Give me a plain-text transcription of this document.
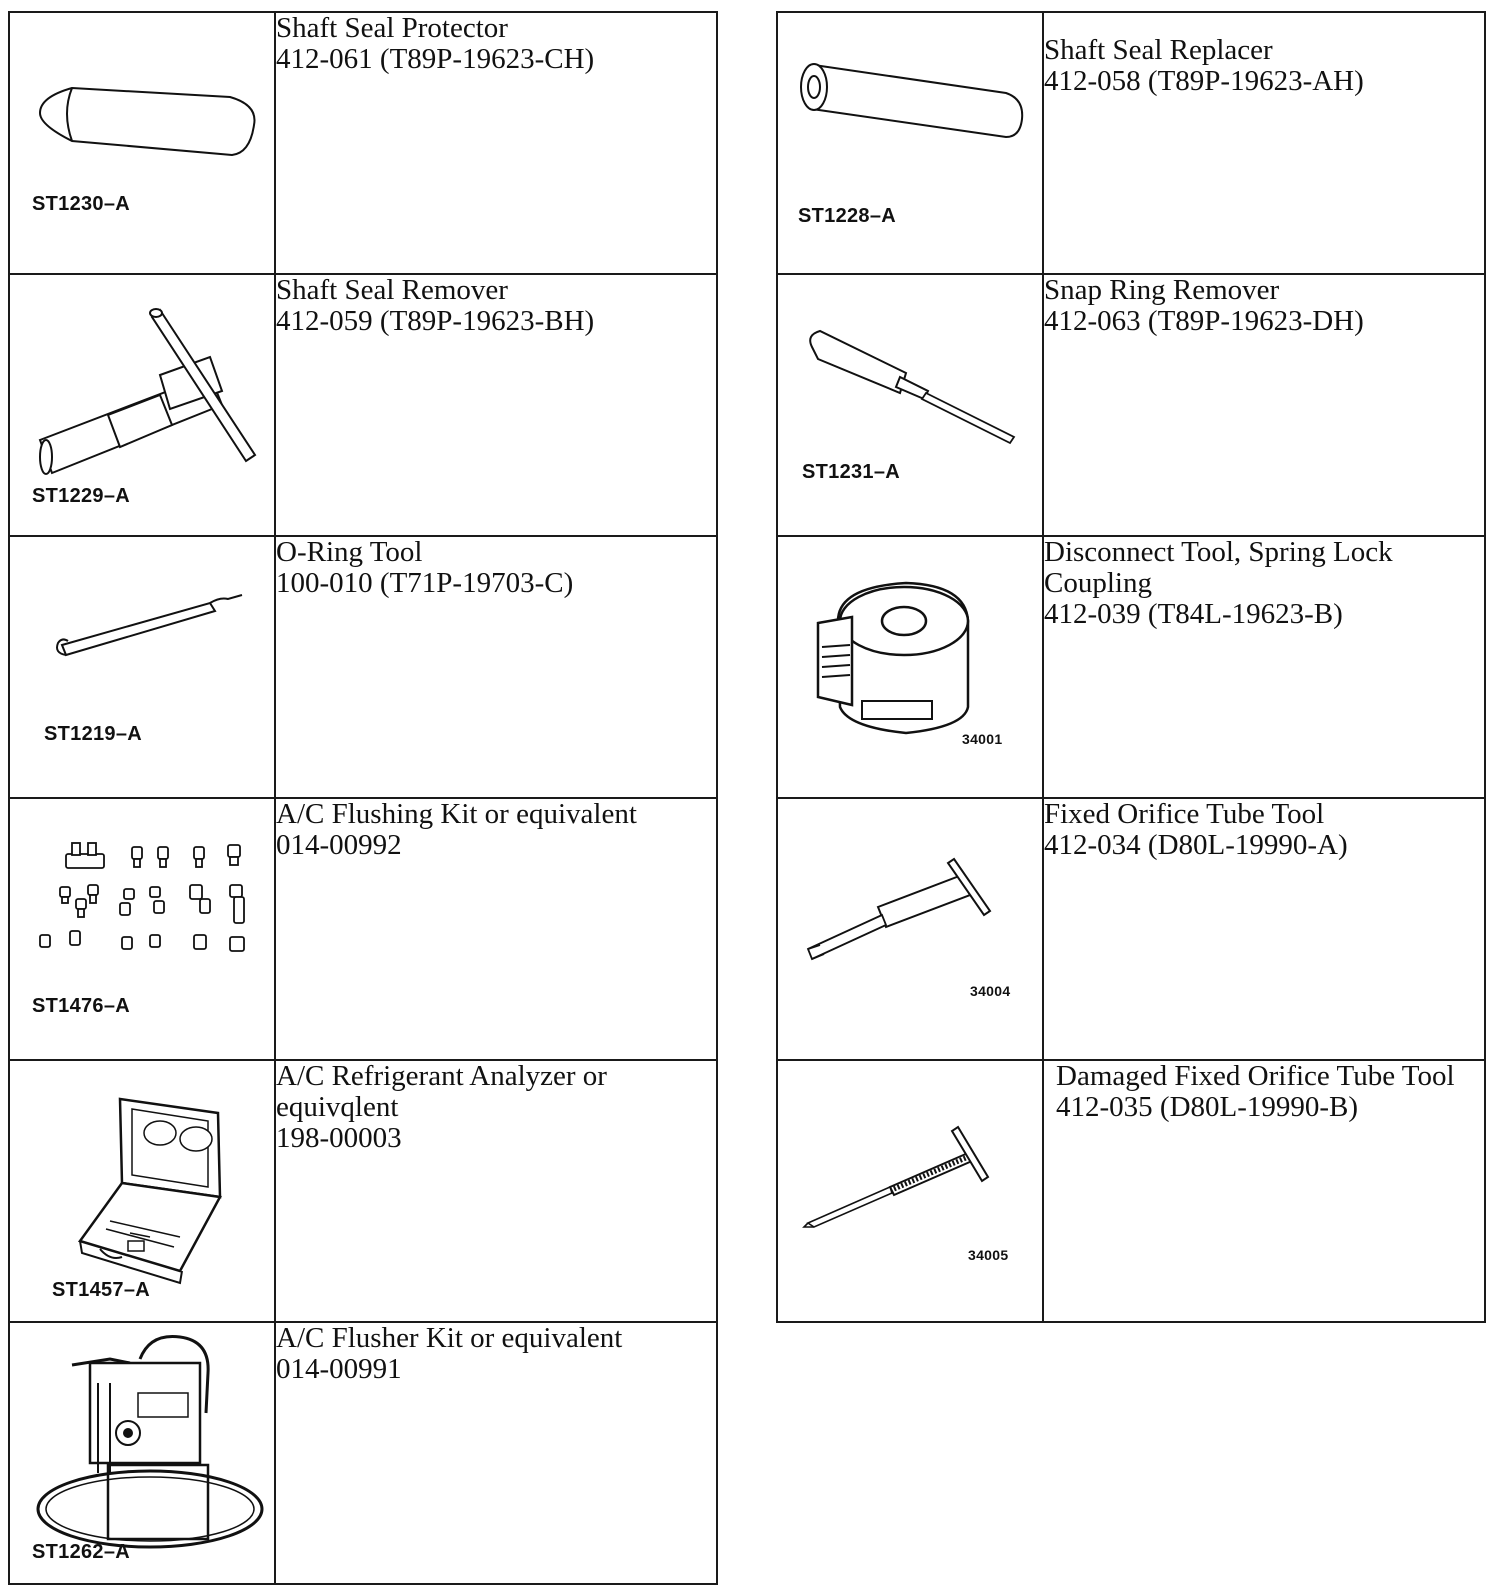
ST1230–A	Shaft Seal Protector
412-061 (T89P-19623-CH)

ST1229–A	Shaft Seal Remover
412-059 (T89P-19623-BH)

ST1219–A	O-Ring Tool
100-010 (T71P-19703-C)

ST1476–A	A/C Flushing Kit or equivalent
014-00992

ST1457–A	A/C Refrigerant Analyzer or
equivqlent
198-00003

ST1262–A	A/C Flusher Kit or equivalent
014-00991
ST1228–A	Shaft Seal Replacer
412-058 (T89P-19623-AH)

ST1231–A	Snap Ring Remover
412-063 (T89P-19623-DH)

34001	Disconnect Tool, Spring Lock
Coupling
412-039 (T84L-19623-B)

34004	Fixed Orifice Tube Tool
412-034 (D80L-19990-A)

34005	Damaged Fixed Orifice Tube Tool
412-035 (D80L-19990-B)
